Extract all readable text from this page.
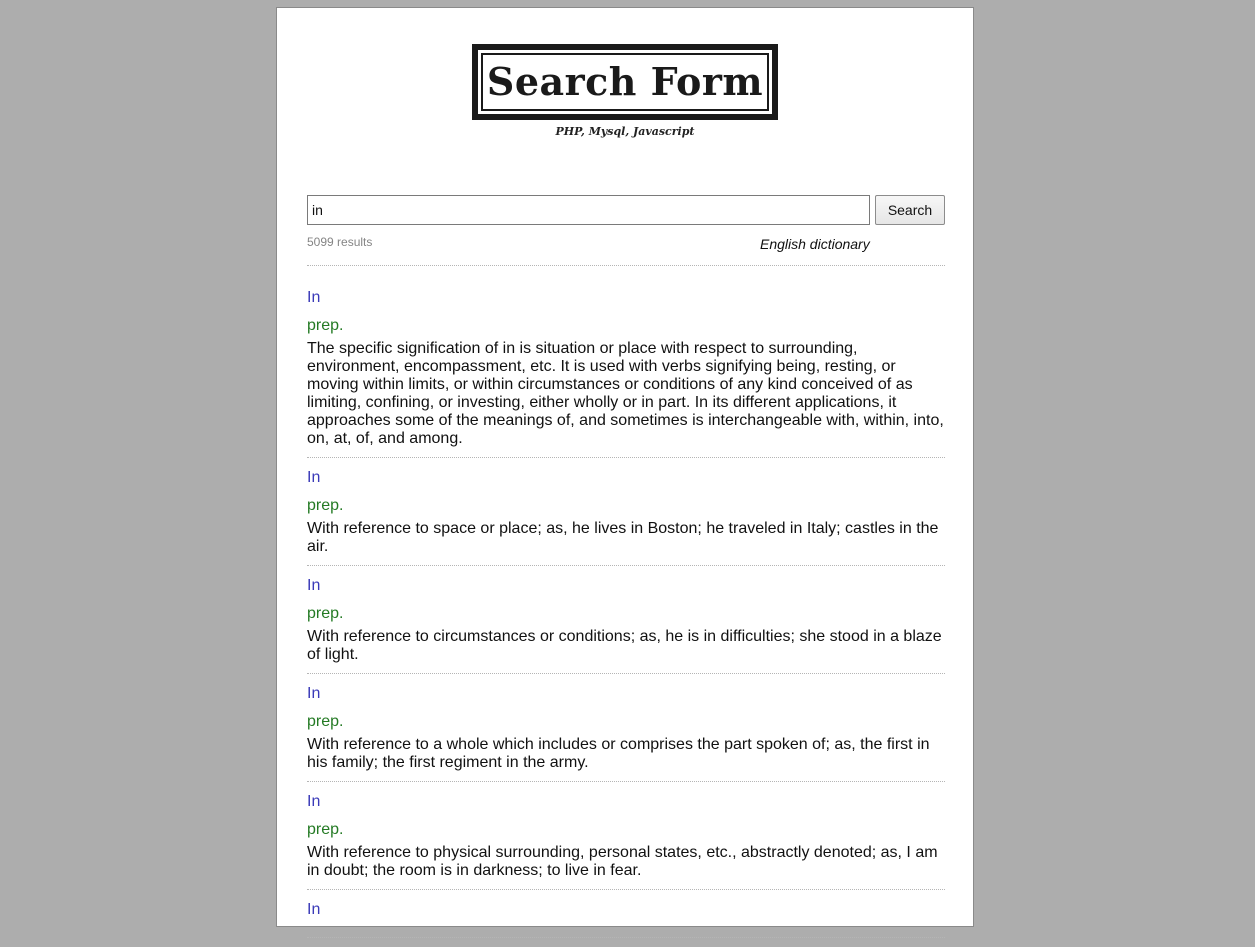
Search Form
PHP, Mysql, Javascript
in
Search
5099 results	English dictionary
In
prep.
The specific signification of in is situation or place with respect to surrounding, environment, encompassment, etc. It is used with verbs signifying being, resting, or moving within limits, or within circumstances or conditions of any kind conceived of as limiting, confining, or investing, either wholly or in part. In its different applications, it approaches some of the meanings of, and sometimes is interchangeable with, within, into, on, at, of, and among.
In
prep.
With reference to space or place; as, he lives in Boston; he traveled in Italy; castles in the air.
In
prep.
With reference to circumstances or conditions; as, he is in difficulties; she stood in a blaze of light.
In
prep.
With reference to a whole which includes or comprises the part spoken of; as, the first in his family; the first regiment in the army.
In
prep.
With reference to physical surrounding, personal states, etc., abstractly denoted; as, I am in doubt; the room is in darkness; to live in fear.
In
